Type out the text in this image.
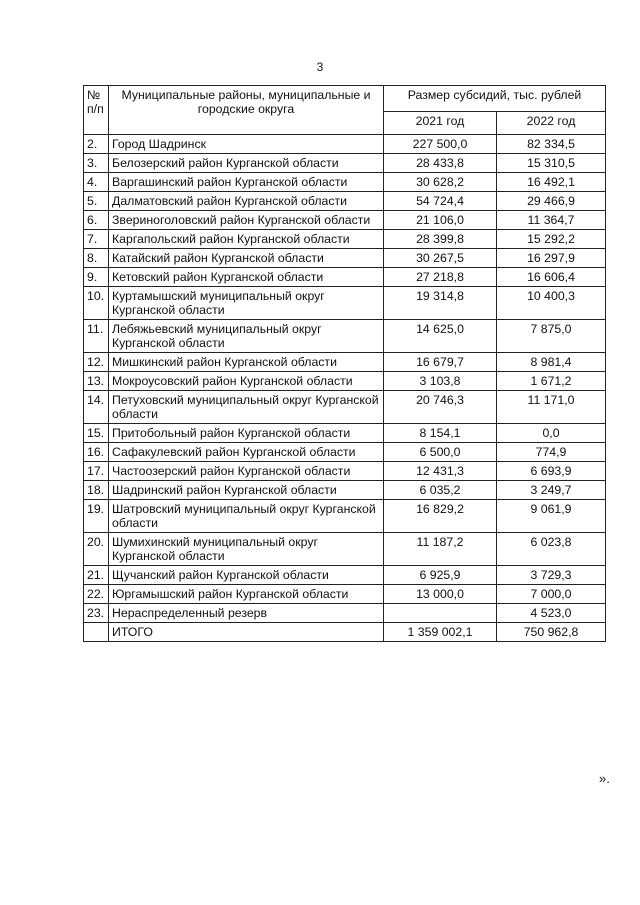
3
№ п/п	Муниципальные районы, муниципальные и городские округа	Размер субсидий, тыс. рублей	
		2021 год	2022 год
2.	Город Шадринск	227 500,0	82 334,5
3.	Белозерский район Курганской области	28 433,8	15 310,5
4.	Варгашинский район Курганской области	30 628,2	16 492,1
5.	Далматовский район Курганской области	54 724,4	29 466,9
6.	Звериноголовский район Курганской области	21 106,0	11 364,7
7.	Каргапольский район Курганской области	28 399,8	15 292,2
8.	Катайский район Курганской области	30 267,5	16 297,9
9.	Кетовский район Курганской области	27 218,8	16 606,4
10.	Куртамышский муниципальный округ Курганской области	19 314,8	10 400,3
11.	Лебяжьевский муниципальный округ Курганской области	14 625,0	7 875,0
12.	Мишкинский район Курганской области	16 679,7	8 981,4
13.	Мокроусовский район Курганской области	3 103,8	1 671,2
14.	Петуховский муниципальный округ Курганской области	20 746,3	11 171,0
15.	Притобольный район Курганской области	8 154,1	0,0
16.	Сафакулевский район Курганской области	6 500,0	774,9
17.	Частоозерский район Курганской области	12 431,3	6 693,9
18.	Шадринский район Курганской области	6 035,2	3 249,7
19.	Шатровский муниципальный округ Курганской области	16 829,2	9 061,9
20.	Шумихинский муниципальный округ Курганской области	11 187,2	6 023,8
21.	Щучанский район Курганской области	6 925,9	3 729,3
22.	Юргамышский район Курганской области	13 000,0	7 000,0
23.	Нераспределенный резерв		4 523,0
	ИТОГО	1 359 002,1	750 962,8
».
